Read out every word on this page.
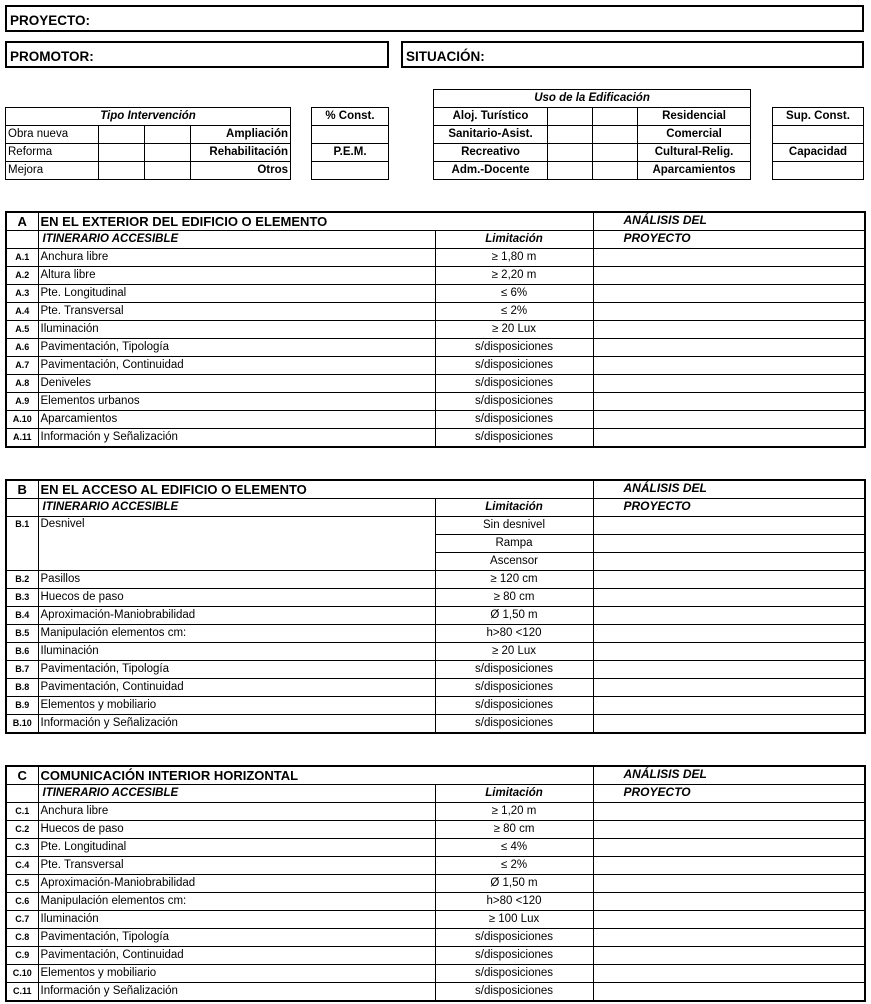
PROYECTO:
PROMOTOR:	SITUACIÓN:
Tipo Intervención			
Obra nueva			Ampliación
Reforma			Rehabilitación
Mejora			Otros
% Const.

P.E.M.

Uso de la Edificación			
Aloj. Turístico			Residencial
Sanitario-Asist.			Comercial
Recreativo			Cultural-Relig.
Adm.-Docente			Aparcamientos
Sup. Const.

Capacidad

A	EN EL EXTERIOR DEL EDIFICIO O ELEMENTO		ANÁLISIS DEL
	ITINERARIO ACCESIBLE	Limitación	PROYECTO
A.1	Anchura libre	≥ 1,80 m	
A.2	Altura libre	≥ 2,20 m	
A.3	Pte. Longitudinal	≤ 6%	
A.4	Pte. Transversal	≤ 2%	
A.5	Iluminación	≥ 20 Lux	
A.6	Pavimentación, Tipología	s/disposiciones	
A.7	Pavimentación, Continuidad	s/disposiciones	
A.8	Deniveles	s/disposiciones	
A.9	Elementos urbanos	s/disposiciones	
A.10	Aparcamientos	s/disposiciones	
A.11	Información y Señalización	s/disposiciones	
B	EN EL ACCESO AL EDIFICIO O ELEMENTO		ANÁLISIS DEL
	ITINERARIO ACCESIBLE	Limitación	PROYECTO
B.1	Desnivel	Sin desnivel	
		Rampa	
		Ascensor	
B.2	Pasillos	≥ 120 cm	
B.3	Huecos de paso	≥ 80 cm	
B.4	Aproximación-Maniobrabilidad	Ø 1,50 m	
B.5	Manipulación elementos cm:	h>80 <120	
B.6	Iluminación	≥ 20 Lux	
B.7	Pavimentación, Tipología	s/disposiciones	
B.8	Pavimentación, Continuidad	s/disposiciones	
B.9	Elementos y mobiliario	s/disposiciones	
B.10	Información y Señalización	s/disposiciones	
C	COMUNICACIÓN INTERIOR HORIZONTAL		ANÁLISIS DEL
	ITINERARIO ACCESIBLE	Limitación	PROYECTO
C.1	Anchura libre	≥ 1,20 m	
C.2	Huecos de paso	≥ 80 cm	
C.3	Pte. Longitudinal	≤ 4%	
C.4	Pte. Transversal	≤ 2%	
C.5	Aproximación-Maniobrabilidad	Ø 1,50 m	
C.6	Manipulación elementos cm:	h>80 <120	
C.7	Iluminación	≥ 100 Lux	
C.8	Pavimentación, Tipología	s/disposiciones	
C.9	Pavimentación, Continuidad	s/disposiciones	
C.10	Elementos y mobiliario	s/disposiciones	
C.11	Información y Señalización	s/disposiciones	
